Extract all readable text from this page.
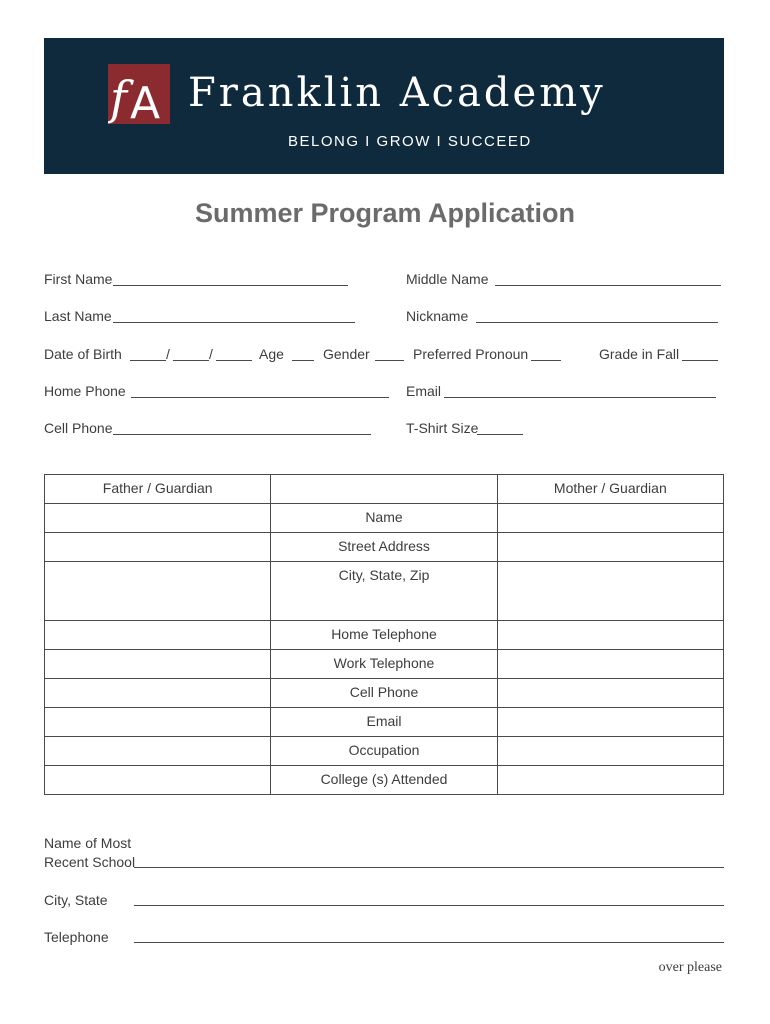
f A Franklin Academy
BELONG I GROW I SUCCEED
Summer Program Application
First Name	Middle Name
Last Name	Nickname
Date of Birth	/	/	Age	Gender	Preferred Pronoun	Grade in Fall
Home Phone	Email
Cell Phone	T-Shirt Size
Father / Guardian		Mother / Guardian
	Name	
	Street Address	
	City, State, Zip	
	Home Telephone	
	Work Telephone	
	Cell Phone	
	Email	
	Occupation	
	College (s) Attended	
Name of Most
Recent School
City, State
Telephone
over please
